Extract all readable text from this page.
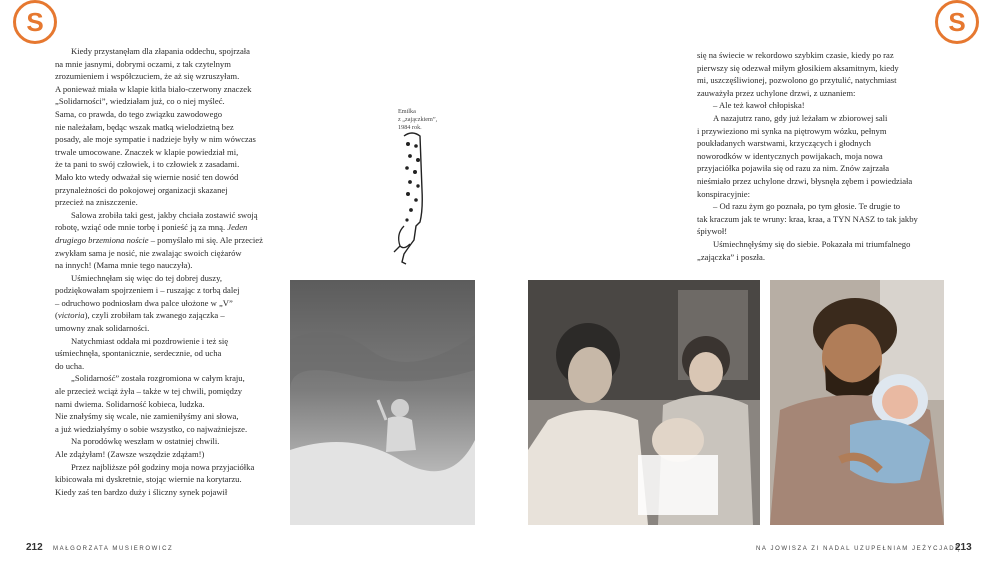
S

Kiedy przystanęłam dla złapania oddechu, spojrzała
na mnie jasnymi, dobrymi oczami, z tak czytelnym
zrozumieniem i współczuciem, że aż się wzruszyłam.
A ponieważ miała w klapie kitla biało-czerwony znaczek
„Solidarności”, wiedziałam już, co o niej myśleć.
Sama, co prawda, do tego związku zawodowego
nie należałam, będąc wszak matką wielodzietną bez
posady, ale moje sympatie i nadzieje były w nim wówczas
trwale umocowane. Znaczek w klapie powiedział mi,
że ta pani to swój człowiek, i to człowiek z zasadami.
Mało kto wtedy odważał się wiernie nosić ten dowód
przynależności do pokojowej organizacji skazanej
przecież na zniszczenie.

Salowa zrobiła taki gest, jakby chciała zostawić swoją
robotę, wziąć ode mnie torbę i ponieść ją za mną. Jeden
drugiego brzemiona noście – pomyślało mi się. Ale przecież
zwykłam sama je nosić, nie zwalając swoich ciężarów
na innych! (Mama mnie tego nauczyła).

Uśmiechnęłam się więc do tej dobrej duszy,
podziękowałam spojrzeniem i – ruszając z torbą dalej
– odruchowo podniosłam dwa palce ułożone w „V”
(victoria), czyli zrobiłam tak zwanego zajączka –
umowny znak solidarności.

Natychmiast oddała mi pozdrowienie i też się
uśmiechnęła, spontanicznie, serdecznie, od ucha
do ucha.

„Solidarność” została rozgromiona w całym kraju,
ale przecież wciąż żyła – także w tej chwili, pomiędzy
nami dwiema. Solidarność kobieca, ludzka.
Nie znałyśmy się wcale, nie zamieniłyśmy ani słowa,
a już wiedziałyśmy o sobie wszystko, co najważniejsze.

Na porodówkę weszłam w ostatniej chwili.
Ale zdążyłam! (Zawsze wszędzie zdążam!)

Przez najbliższe pół godziny moja nowa przyjaciółka
kibicowała mi dyskretnie, stojąc wiernie na korytarzu.
Kiedy zaś ten bardzo duży i śliczny synek pojawił

Emilka
z „zajączkiem”,
1984 rok.
212 MAŁGORZATA MUSIEROWICZ
S

się na świecie w rekordowo szybkim czasie, kiedy po raz
pierwszy się odezwał miłym głosikiem aksamitnym, kiedy
mi, uszczęśliwionej, pozwolono go przytulić, natychmiast
zauważyła przez uchylone drzwi, z uznaniem:

– Ale też kawoł chłopiska!

A nazajutrz rano, gdy już leżałam w zbiorowej sali
i przywieziono mi synka na piętrowym wózku, pełnym
poukładanych warstwami, krzyczących i głodnych
noworodków w identycznych powijakach, moja nowa
przyjaciółka pojawiła się od razu za nim. Znów zajrzała
nieśmiało przez uchylone drzwi, błysnęła zębem i powiedziała
konspiracyjnie:

– Od razu żym go poznała, po tym głosie. Te drugie to
tak kraczum jak te wruny: kraa, kraa, a TYN NASZ to tak jakby
śpiywoł!

Uśmiechnęłyśmy się do siebie. Pokazała mi triumfalnego
„zajączka” i poszła.

NA JOWISZA ZI NADAL UZUPEŁNIAM JEŻYCJADĘ
213
